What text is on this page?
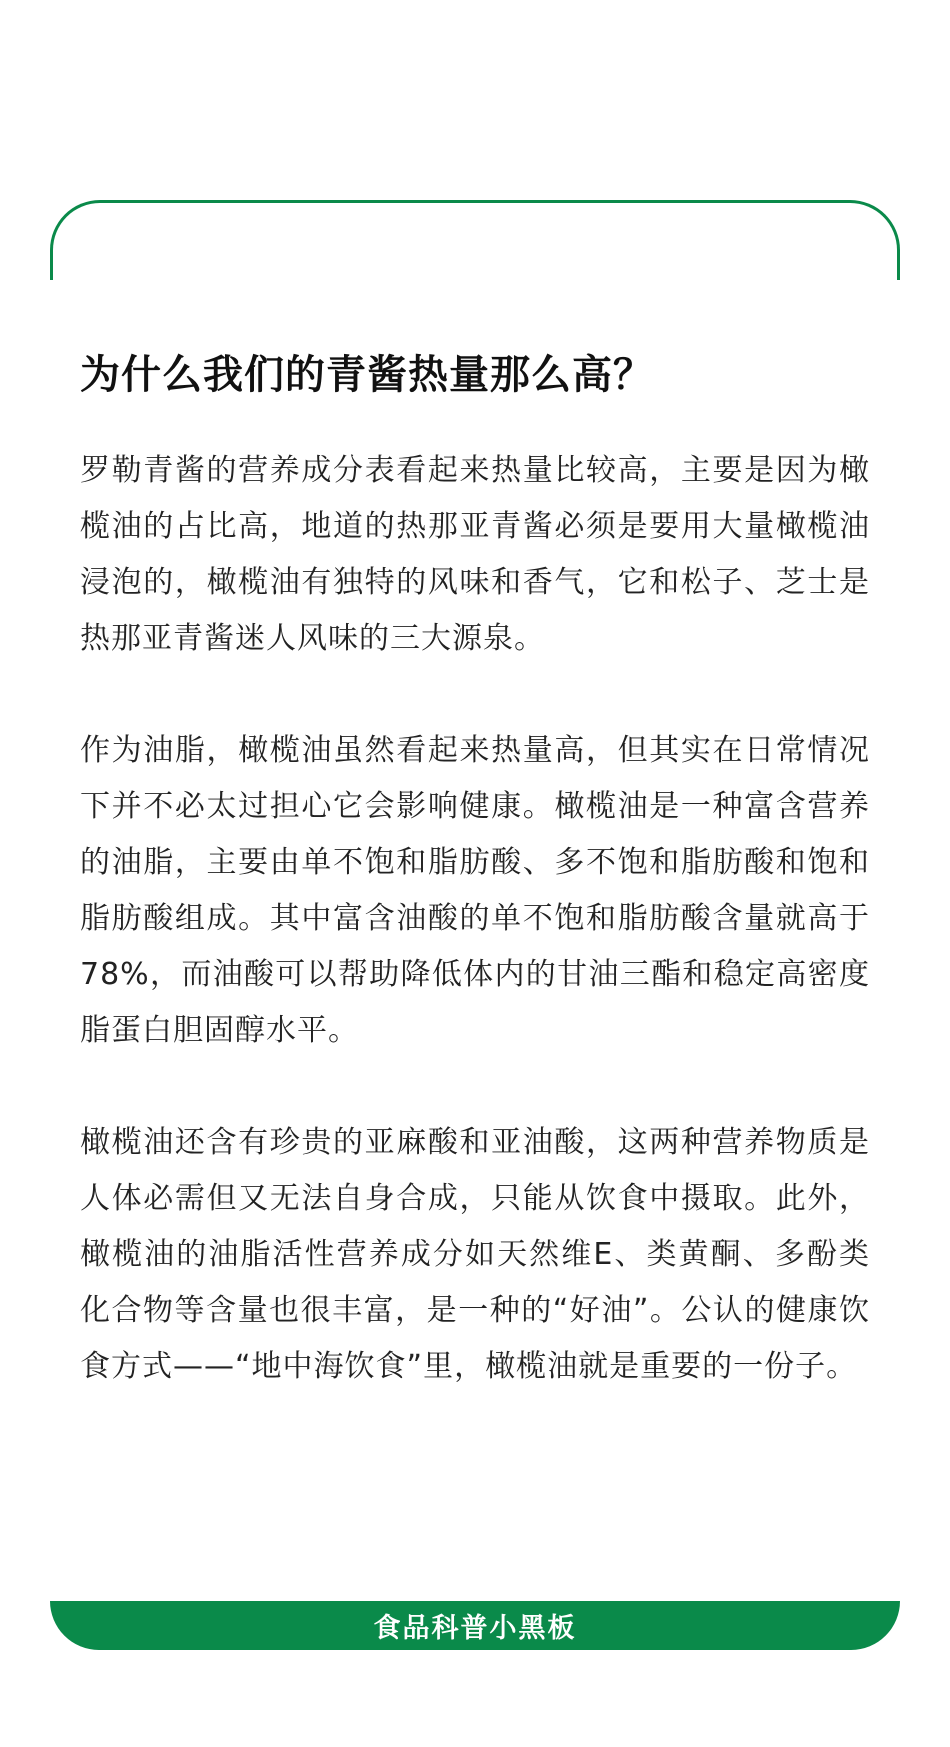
为什么我们的青酱热量那么高？

罗勒青酱的营养成分表看起来热量比较高，主要是因为橄榄油的占比高，地道的热那亚青酱必须是要用大量橄榄油浸泡的，橄榄油有独特的风味和香气，它和松子、芝士是热那亚青酱迷人风味的三大源泉。

作为油脂，橄榄油虽然看起来热量高，但其实在日常情况下并不必太过担心它会影响健康。橄榄油是一种富含营养的油脂，主要由单不饱和脂肪酸、多不饱和脂肪酸和饱和脂肪酸组成。其中富含油酸的单不饱和脂肪酸含量就高于78%，而油酸可以帮助降低体内的甘油三酯和稳定高密度脂蛋白胆固醇水平。

橄榄油还含有珍贵的亚麻酸和亚油酸，这两种营养物质是人体必需但又无法自身合成，只能从饮食中摄取。此外，橄榄油的油脂活性营养成分如天然维E、类黄酮、多酚类化合物等含量也很丰富，是一种的“好油”。公认的健康饮食方式——“地中海饮食”里，橄榄油就是重要的一份子。

食品科普小黑板
